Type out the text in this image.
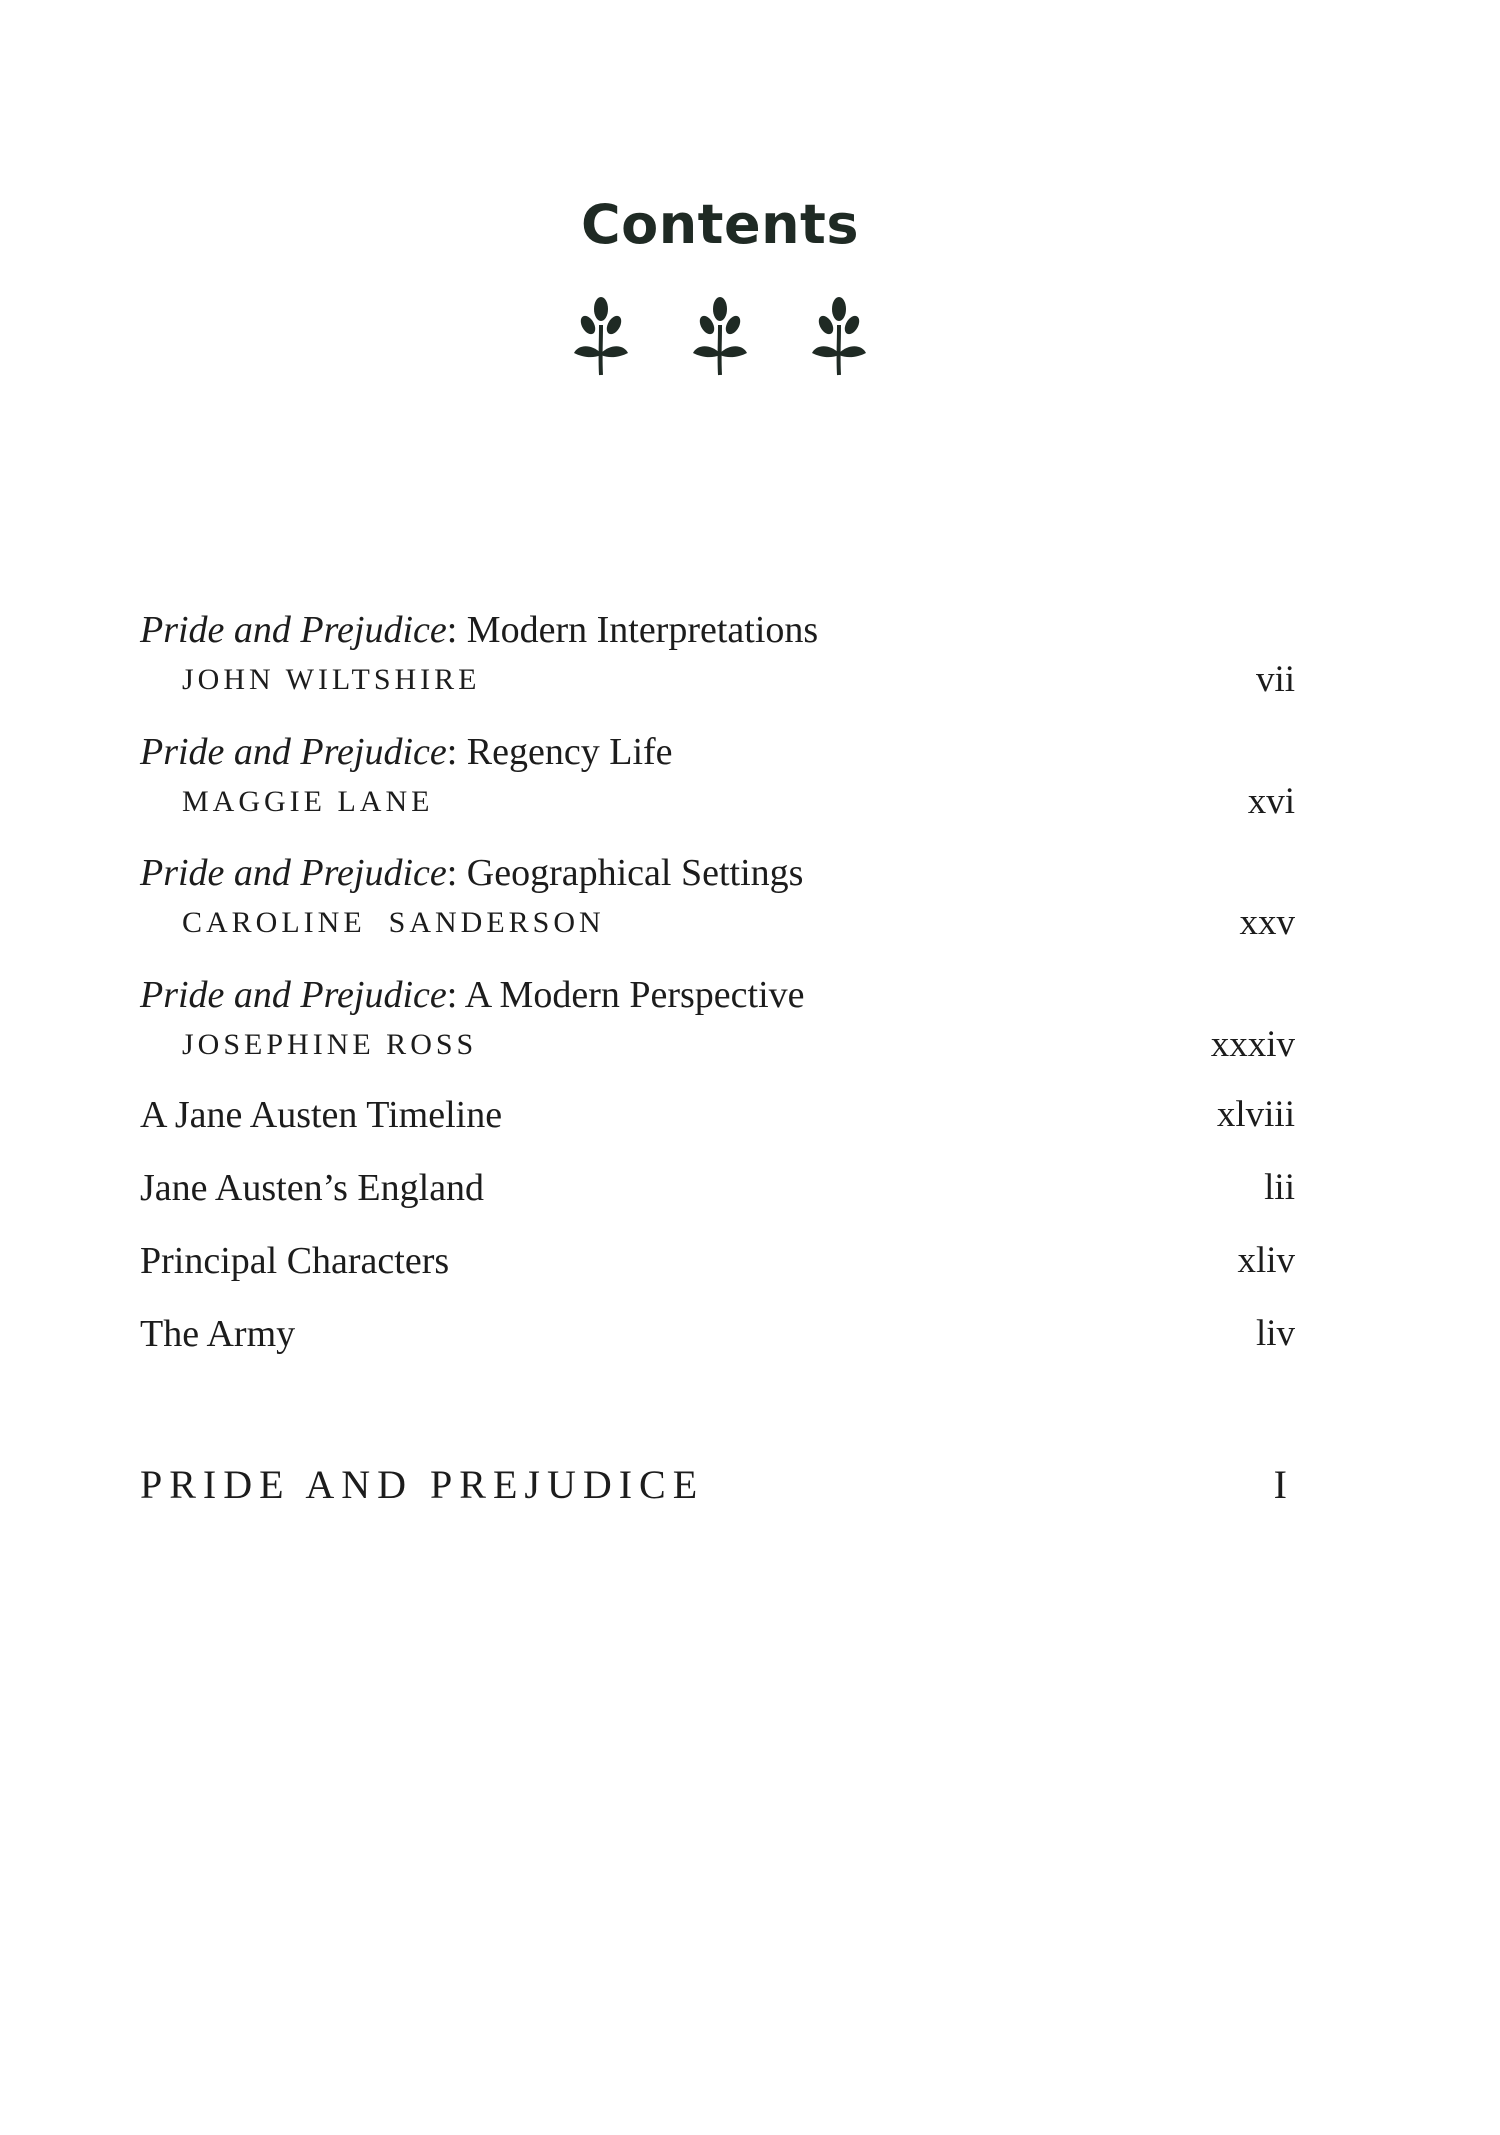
Contents
Pride and Prejudice: Modern Interpretations
JOHN WILTSHIRE	vii
Pride and Prejudice: Regency Life
MAGGIE LANE	xvi
Pride and Prejudice: Geographical Settings
CAROLINE  SANDERSON	xxv
Pride and Prejudice: A Modern Perspective
JOSEPHINE ROSS	xxxiv
A Jane Austen Timeline	xlviii
Jane Austen’s England	lii
Principal Characters	xliv
The Army	liv
PRIDE AND PREJUDICE	I
